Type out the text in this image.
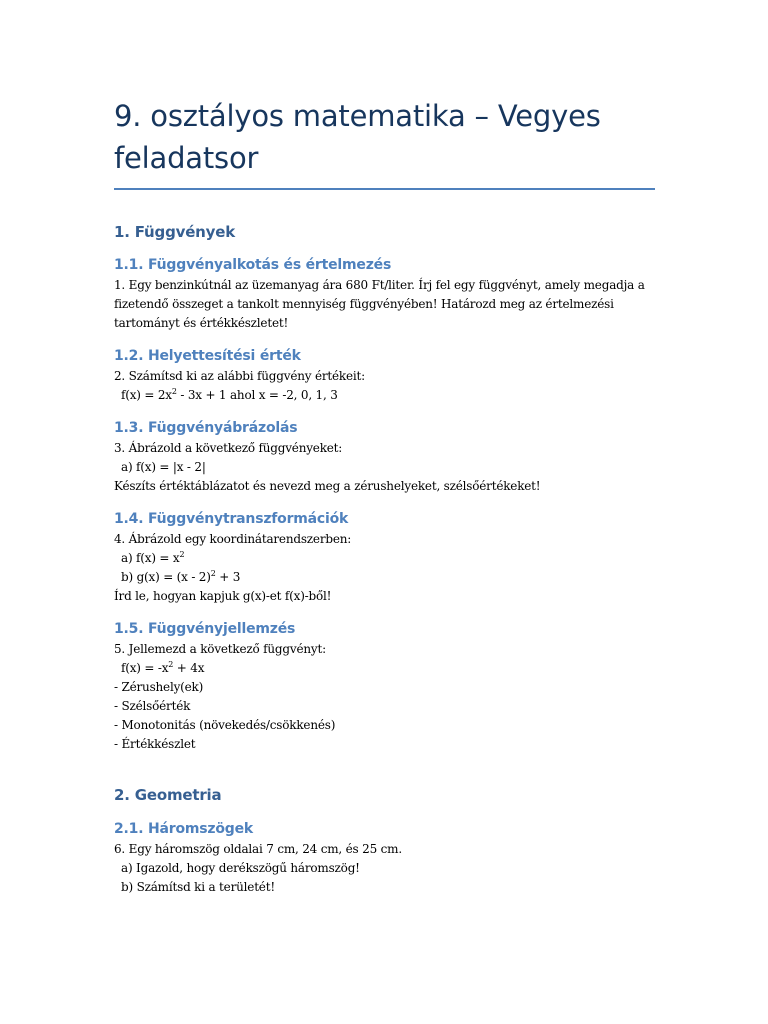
9. osztályos matematika – Vegyes feladatsor
1. Függvények
1.1. Függvényalkotás és értelmezés

1. Egy benzinkútnál az üzemanyag ára 680 Ft/liter. Írj fel egy függvényt, amely megadja a

fizetendő összeget a tankolt mennyiség függvényében! Határozd meg az értelmezési

tartományt és értékkészletet!

1.2. Helyettesítési érték

2. Számítsd ki az alábbi függvény értékeit:

$f(x) = 2x^2 - 3x + 1$ ahol x = -2, 0, 1, 3

1.3. Függvényábrázolás

3. Ábrázold a következő függvényeket:

a) f(x) = |x - 2|

Készíts értéktáblázatot és nevezd meg a zérushelyeket, szélsőértékeket!

1.4. Függvénytranszformációk

4. Ábrázold egy koordinátarendszerben:

a) $f(x) = x^2$

b) g(x) = (x - 2)$^2$ + 3

Írd le, hogyan kapjuk g(x)-et f(x)-ből!

1.5. Függvényjellemzés

5. Jellemezd a következő függvényt:

$f(x) = -x^2 + 4x$

- Zérushely(ek)

- Szélsőérték

- Monotonitás (növekedés/csökkenés)

- Értékkészlet

2. Geometria
2.1. Háromszögek

6. Egy háromszög oldalai 7 cm, 24 cm, és 25 cm.

a) Igazold, hogy derékszögű háromszög!

b) Számítsd ki a területét!
